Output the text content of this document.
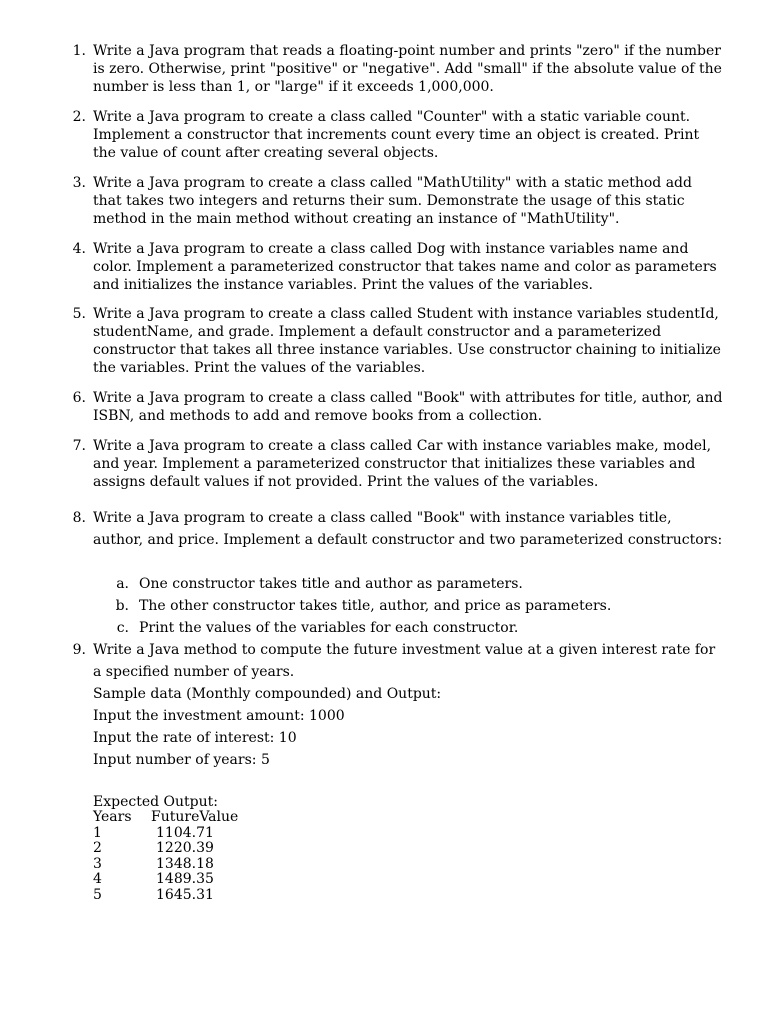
1. Write a Java program that reads a floating-point number and prints "zero" if the number is zero. Otherwise, print "positive" or "negative". Add "small" if the absolute value of the number is less than 1, or "large" if it exceeds 1,000,000.

2. Write a Java program to create a class called "Counter" with a static variable count. Implement a constructor that increments count every time an object is created. Print the value of count after creating several objects.

3. Write a Java program to create a class called "MathUtility" with a static method add that takes two integers and returns their sum. Demonstrate the usage of this static method in the main method without creating an instance of "MathUtility".

4. Write a Java program to create a class called Dog with instance variables name and color. Implement a parameterized constructor that takes name and color as parameters and initializes the instance variables. Print the values of the variables.

5. Write a Java program to create a class called Student with instance variables studentId, studentName, and grade. Implement a default constructor and a parameterized constructor that takes all three instance variables. Use constructor chaining to initialize the variables. Print the values of the variables.

6. Write a Java program to create a class called "Book" with attributes for title, author, and ISBN, and methods to add and remove books from a collection.

7. Write a Java program to create a class called Car with instance variables make, model, and year. Implement a parameterized constructor that initializes these variables and assigns default values if not provided. Print the values of the variables.

8. Write a Java program to create a class called "Book" with instance variables title, author, and price. Implement a default constructor and two parameterized constructors:

a. One constructor takes title and author as parameters.
b. The other constructor takes title, author, and price as parameters.
c. Print the values of the variables for each constructor.
9. Write a Java method to compute the future investment value at a given interest rate for a specified number of years.

Sample data (Monthly compounded) and Output:
Input the investment amount: 1000
Input the rate of interest: 10
Input number of years: 5
Expected Output:
Years FutureValue
1	1104.71
2	1220.39
3	1348.18
4	1489.35
5	1645.31
